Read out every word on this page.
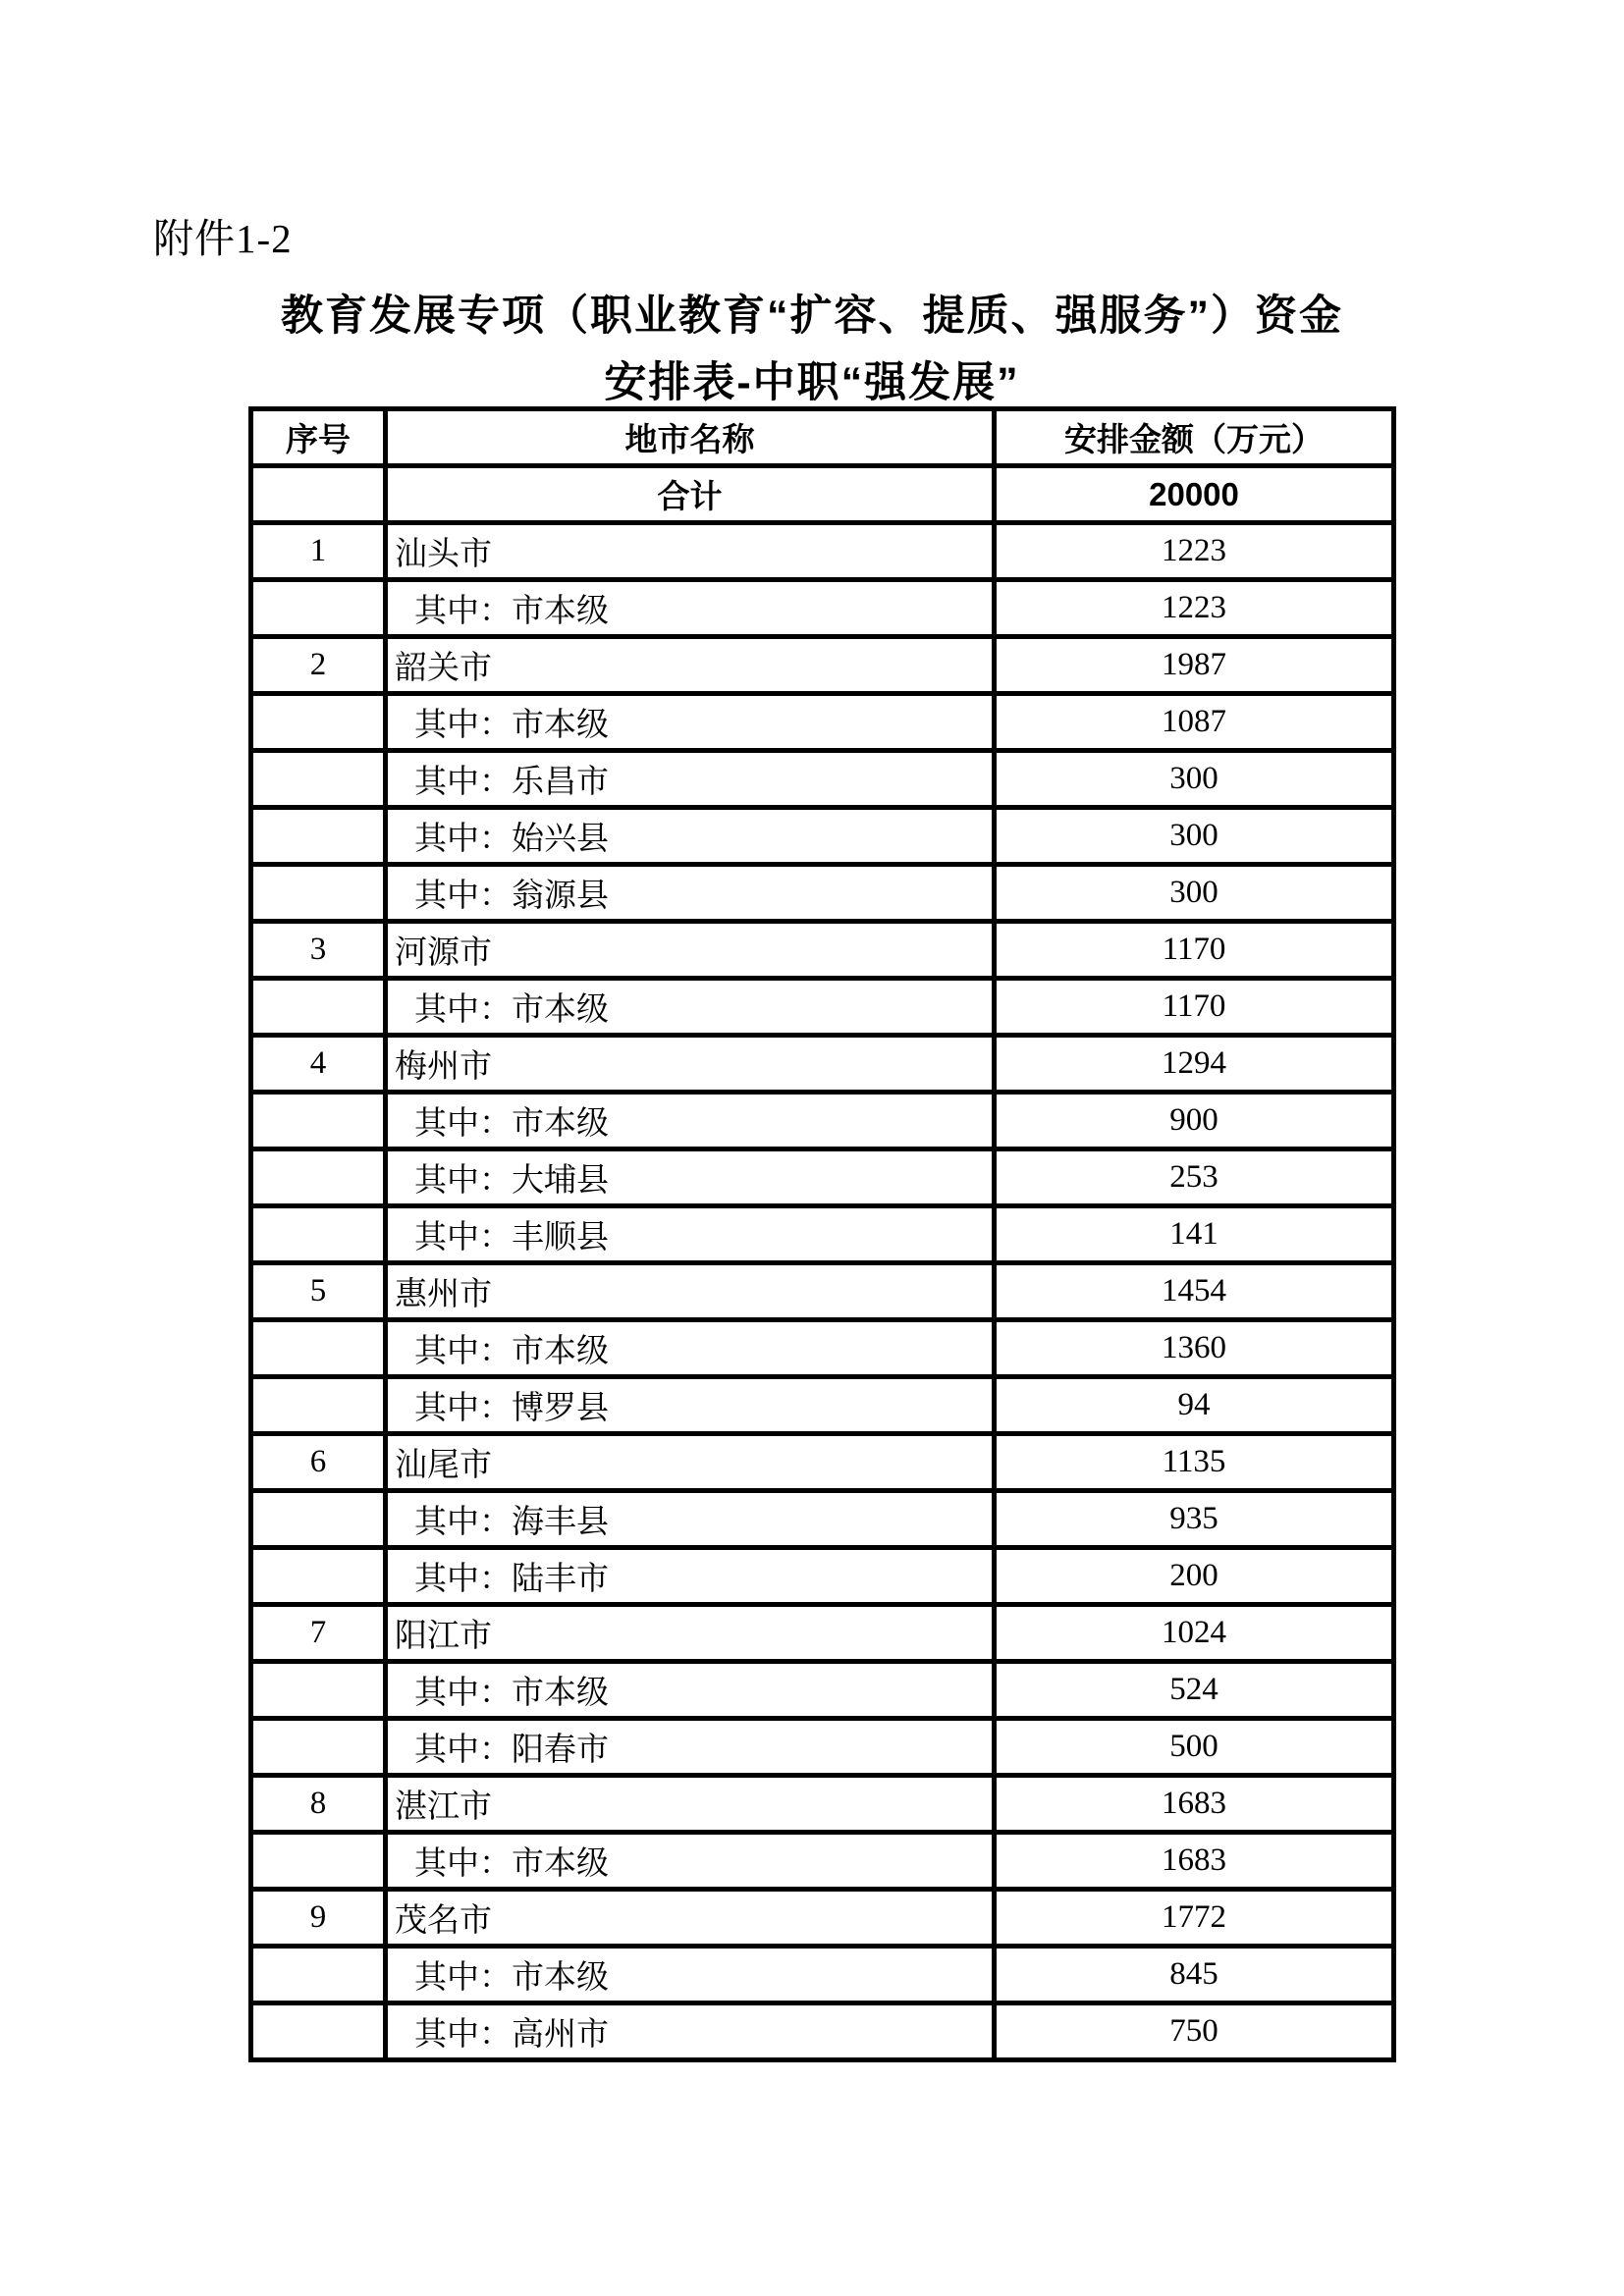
附件1-2
教育发展专项（职业教育“扩容、提质、强服务”）资金
安排表-中职“强发展”
序号	地市名称	安排金额（万元）
	合计	20000
1	汕头市	1223
	其中：市本级	1223
2	韶关市	1987
	其中：市本级	1087
	其中：乐昌市	300
	其中：始兴县	300
	其中：翁源县	300
3	河源市	1170
	其中：市本级	1170
4	梅州市	1294
	其中：市本级	900
	其中：大埔县	253
	其中：丰顺县	141
5	惠州市	1454
	其中：市本级	1360
	其中：博罗县	94
6	汕尾市	1135
	其中：海丰县	935
	其中：陆丰市	200
7	阳江市	1024
	其中：市本级	524
	其中：阳春市	500
8	湛江市	1683
	其中：市本级	1683
9	茂名市	1772
	其中：市本级	845
	其中：高州市	750
